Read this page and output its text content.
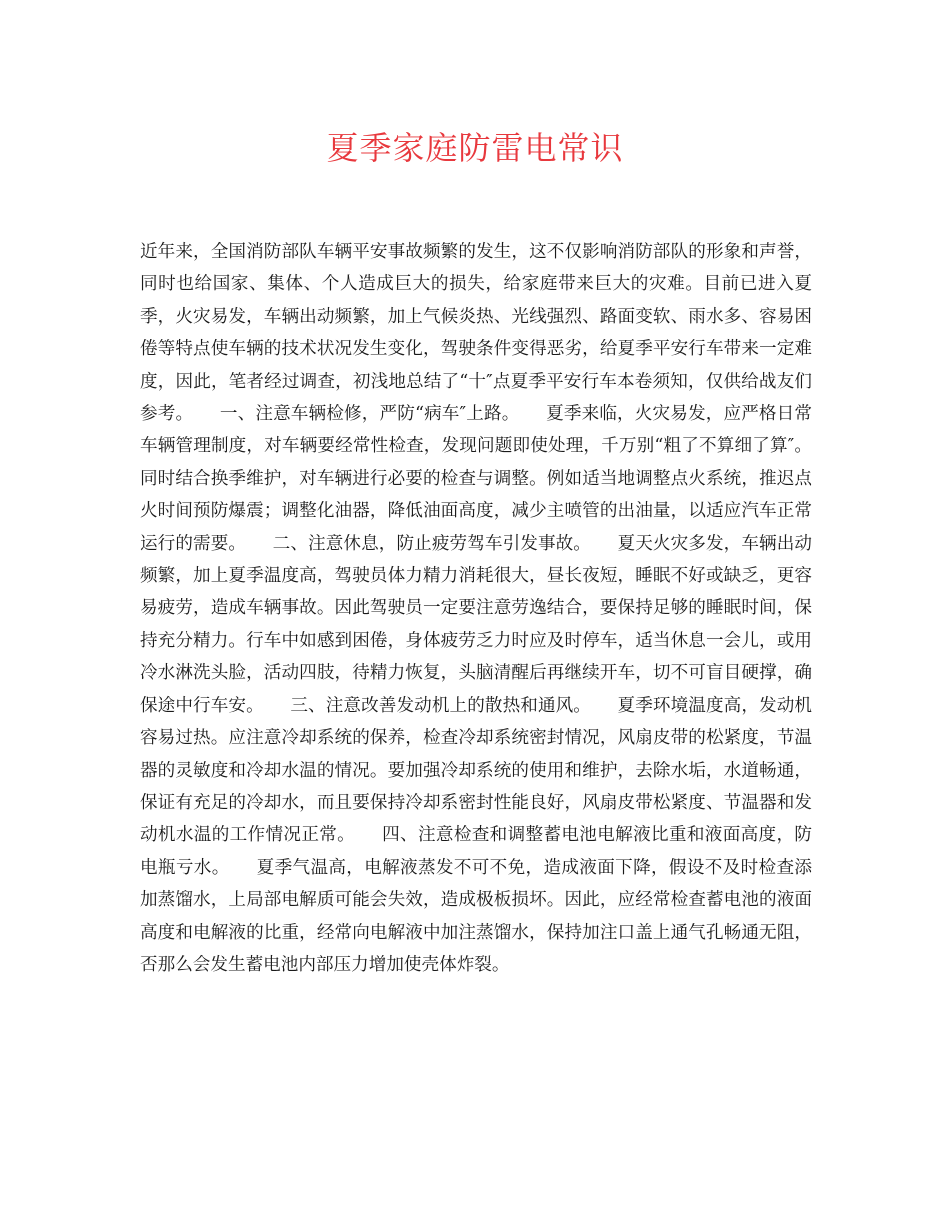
夏季家庭防雷电常识

近年来，全国消防部队车辆平安事故频繁的发生，这不仅影响消防部队的形象和声誉，同时也给国家、集体、个人造成巨大的损失，给家庭带来巨大的灾难。目前已进入夏季，火灾易发，车辆出动频繁，加上气候炎热、光线强烈、路面变软、雨水多、容易困倦等特点使车辆的技术状况发生变化，驾驶条件变得恶劣，给夏季平安行车带来一定难度，因此，笔者经过调查，初浅地总结了“十″点夏季平安行车本卷须知，仅供给战友们参考。　　一、注意车辆检修，严防“病车″上路。　　夏季来临，火灾易发，应严格日常车辆管理制度，对车辆要经常性检查，发现问题即使处理，千万别“粗了不算细了算″。同时结合换季维护，对车辆进行必要的检查与调整。例如适当地调整点火系统，推迟点火时间预防爆震；调整化油器，降低油面高度，减少主喷管的出油量，以适应汽车正常运行的需要。　　二、注意休息，防止疲劳驾车引发事故。　　夏天火灾多发，车辆出动频繁，加上夏季温度高，驾驶员体力精力消耗很大，昼长夜短，睡眠不好或缺乏，更容易疲劳，造成车辆事故。因此驾驶员一定要注意劳逸结合，要保持足够的睡眠时间，保持充分精力。行车中如感到困倦，身体疲劳乏力时应及时停车，适当休息一会儿，或用冷水淋洗头脸，活动四肢，待精力恢复，头脑清醒后再继续开车，切不可盲目硬撑，确保途中行车安。　　三、注意改善发动机上的散热和通风。　　夏季环境温度高，发动机容易过热。应注意冷却系统的保养，检查冷却系统密封情况，风扇皮带的松紧度，节温器的灵敏度和冷却水温的情况。要加强冷却系统的使用和维护，去除水垢，水道畅通，保证有充足的冷却水，而且要保持冷却系密封性能良好，风扇皮带松紧度、节温器和发动机水温的工作情况正常。　　四、注意检查和调整蓄电池电解液比重和液面高度，防电瓶亏水。　　夏季气温高，电解液蒸发不可不免，造成液面下降，假设不及时检查添加蒸馏水，上局部电解质可能会失效，造成极板损坏。因此，应经常检查蓄电池的液面高度和电解液的比重，经常向电解液中加注蒸馏水，保持加注口盖上通气孔畅通无阻，否那么会发生蓄电池内部压力增加使壳体炸裂。
